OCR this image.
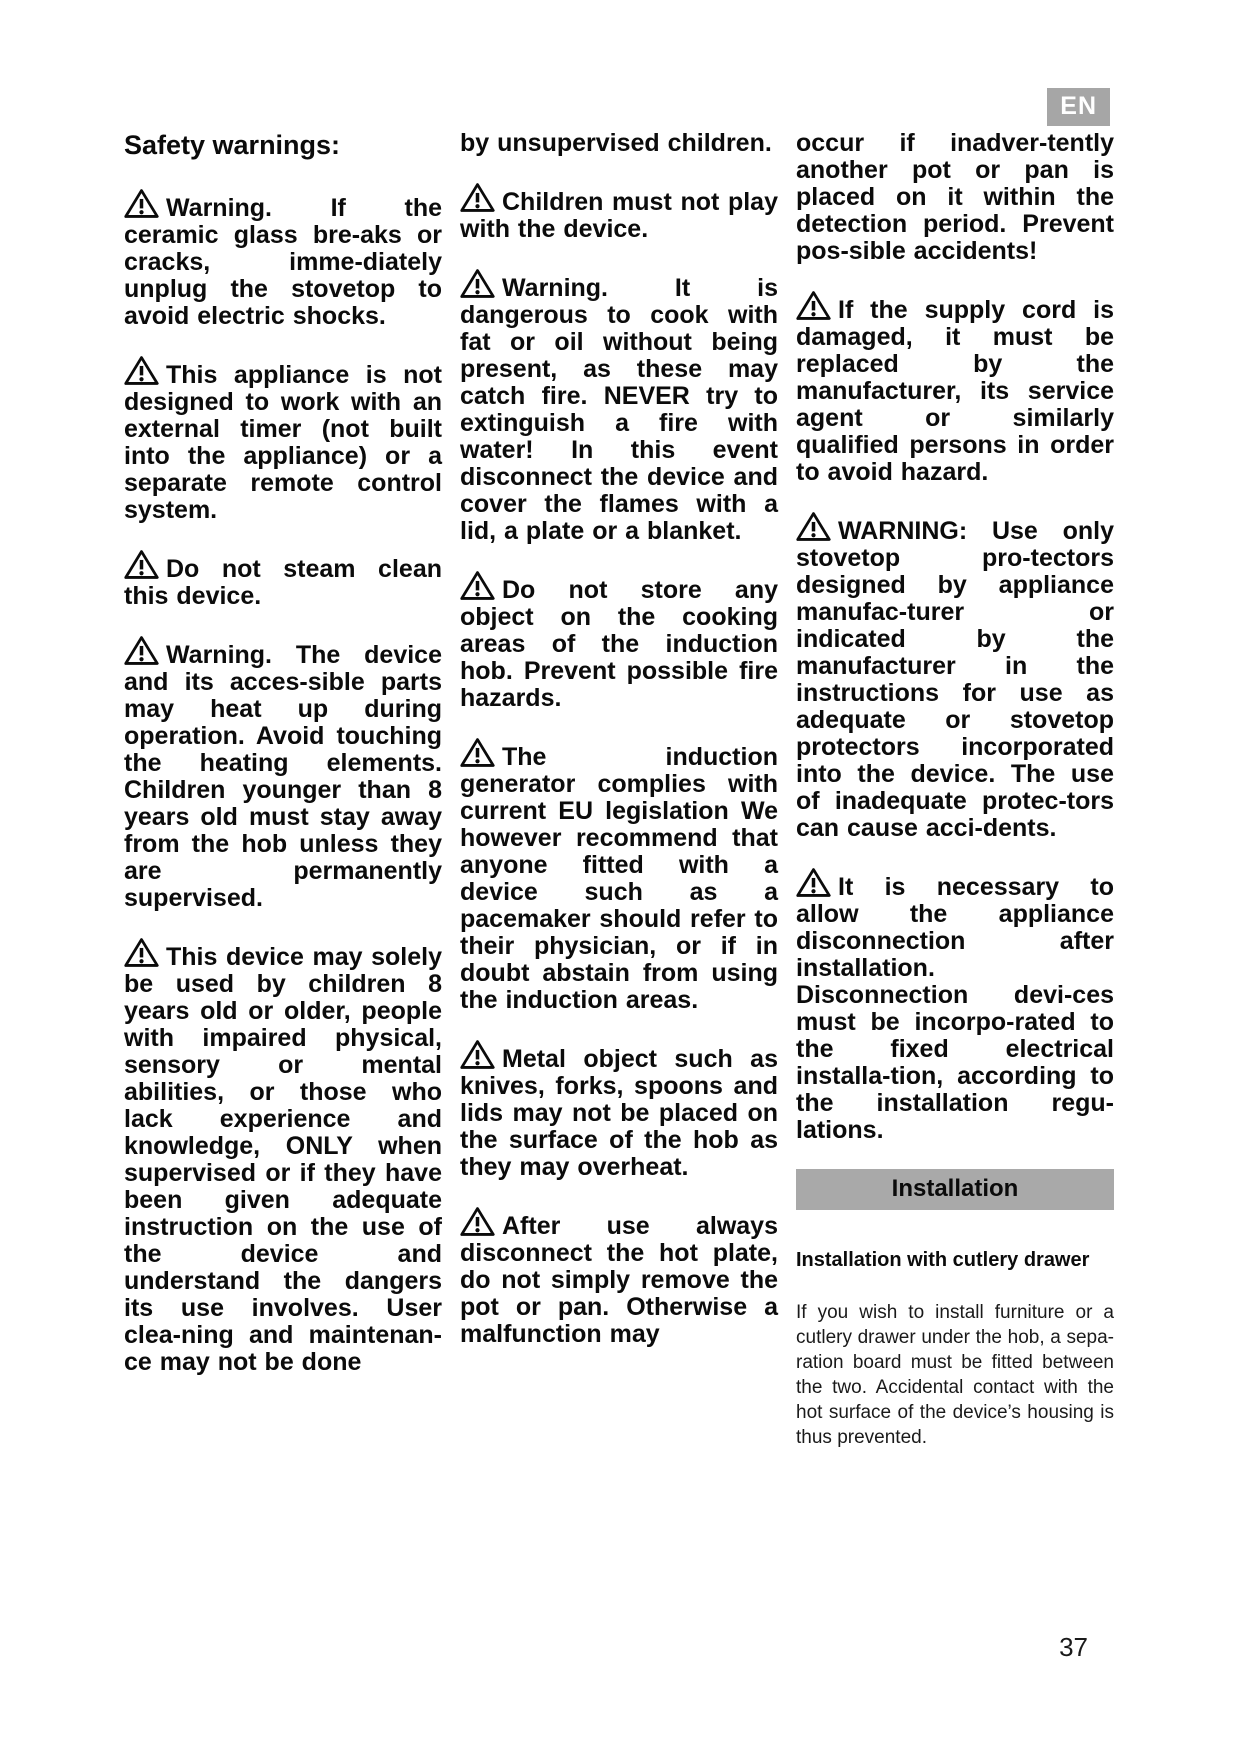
EN
Safety warnings:

Warning. If the ceramic glass bre-aks or cracks, imme-diately unplug the stovetop to avoid electric shocks.

This appliance is not designed to work with an external timer (not built into the appliance) or a separate remote control system.

Do not steam clean this device.

Warning. The device and its acces-sible parts may heat up during operation. Avoid touching the heating elements. Children younger than 8 years old must stay away from the hob unless they are permanently supervised.

This device may solely be used by children 8 years old or older, people with impaired physical, sensory or mental abilities, or those who lack experience and knowledge, ONLY when supervised or if they have been given adequate instruction on the use of the device and understand the dangers its use involves. User clea-ning and maintenan-ce may not be done

by unsupervised children.

Children must not play with the device.

Warning. It is dangerous to cook with fat or oil without being present, as these may catch fire. NEVER try to extinguish a fire with water! In this event disconnect the device and cover the flames with a lid, a plate or a blanket.

Do not store any object on the cooking areas of the induction hob. Prevent possible fire hazards.

The induction generator complies with current EU legislation We however recommend that anyone fitted with a device such as a pacemaker should refer to their physician, or if in doubt abstain from using the induction areas.

Metal object such as knives, forks, spoons and lids may not be placed on the surface of the hob as they may overheat.

After use always disconnect the hot plate, do not simply remove the pot or pan. Otherwise a malfunction may

occur if inadver-tently another pot or pan is placed on it within the detection period. Prevent pos-sible accidents!

If the supply cord is damaged, it must be replaced by the manufacturer, its service agent or similarly qualified persons in order to avoid hazard.

WARNING: Use only stovetop pro-tectors designed by appliance manufac-turer or indicated by the manufacturer in the instructions for use as adequate or stovetop protectors incorporated into the device. The use of inadequate protec-tors can cause acci-dents.

It is necessary to allow the appliance disconnection after installation. Disconnection devi-ces must be incorpo-rated to the fixed electrical installa-tion, according to the installation regu-lations.

Installation
Installation with cutlery drawer

If you wish to install furniture or a cutlery drawer under the hob, a sepa-ration board must be fitted between the two. Accidental contact with the hot surface of the device’s housing is thus prevented.

37
